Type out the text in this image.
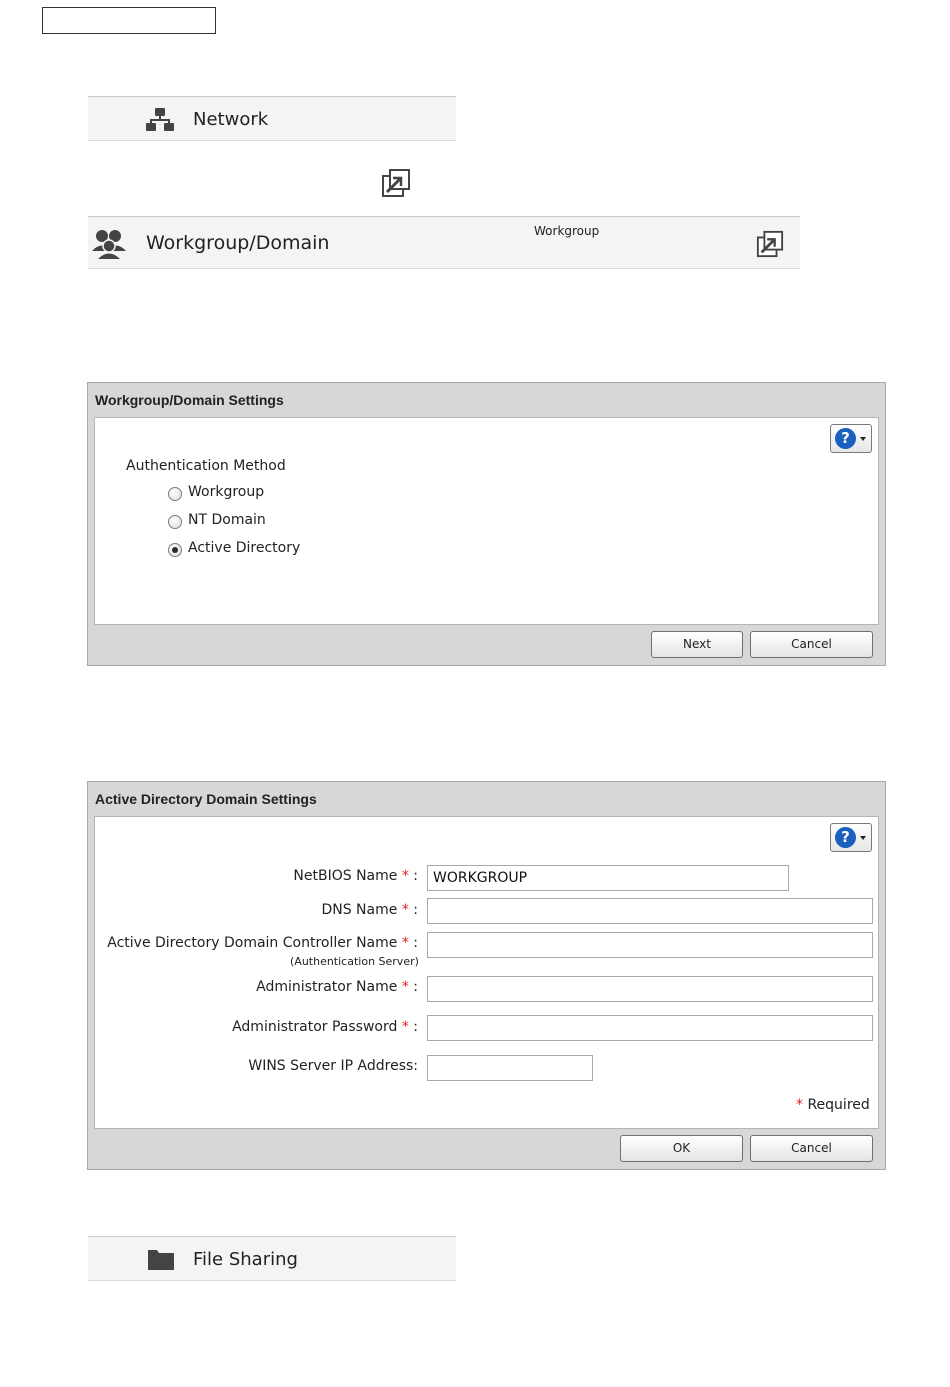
Network
Workgroup/Domain
Workgroup
Workgroup/Domain Settings
?
Authentication Method
Workgroup
NT Domain
Active Directory
Next	Cancel
Active Directory Domain Settings
?
NetBIOS Name * :	WORKGROUP
DNS Name * :
Active Directory Domain Controller Name * :
(Authentication Server)
Administrator Name * :
Administrator Password * :
WINS Server IP Address:
* Required
OK	Cancel
File Sharing
